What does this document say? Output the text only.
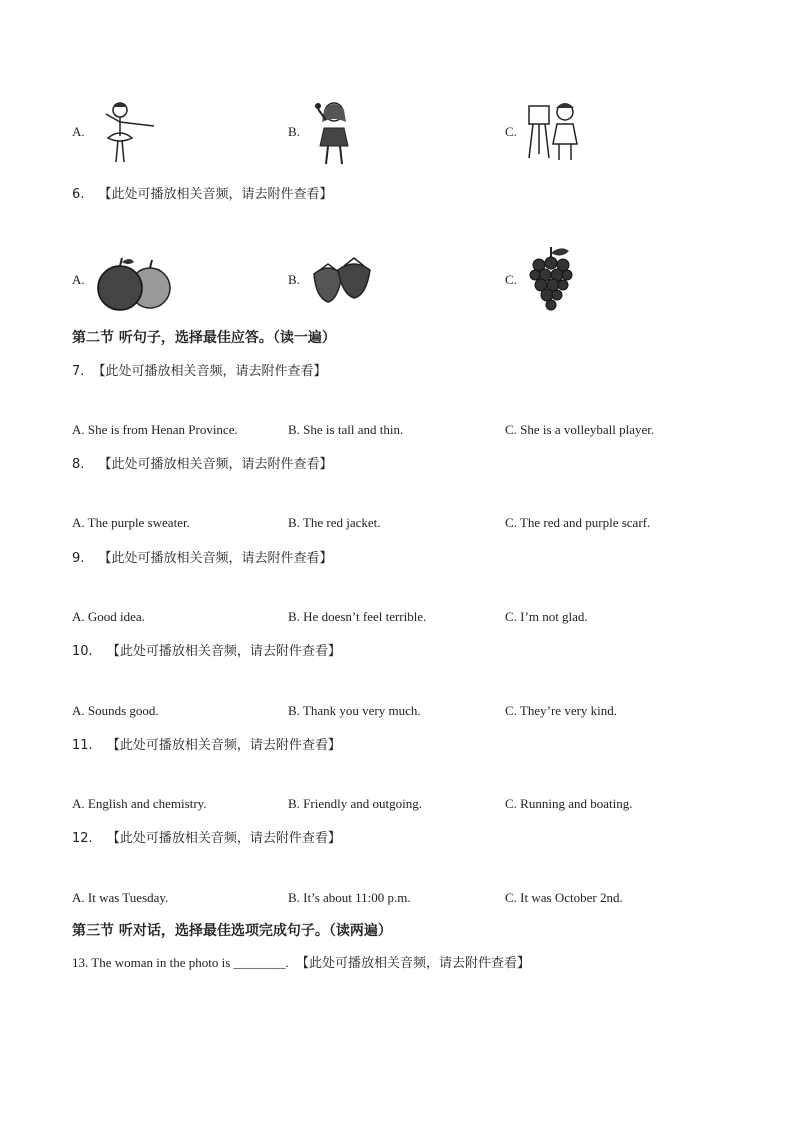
A.	B.	C.
6. 【此处可播放相关音频，请去附件查看】
A.	B.	C.
第二节 听句子，选择最佳应答。（读一遍）
7. 【此处可播放相关音频，请去附件查看】
A. She is from Henan Province.	B. She is tall and thin.	C. She is a volleyball player.
8. 【此处可播放相关音频，请去附件查看】
A. The purple sweater.	B. The red jacket.	C. The red and purple scarf.
9. 【此处可播放相关音频，请去附件查看】
A. Good idea.	B. He doesn’t feel terrible.	C. I’m not glad.
10. 【此处可播放相关音频，请去附件查看】
A. Sounds good.	B. Thank you very much.	C. They’re very kind.
11. 【此处可播放相关音频，请去附件查看】
A. English and chemistry.	B. Friendly and outgoing.	C. Running and boating.
12. 【此处可播放相关音频，请去附件查看】
A. It was Tuesday.	B. It’s about 11:00 p.m.	C. It was October 2nd.
第三节 听对话，选择最佳选项完成句子。（读两遍）
13. The woman in the photo is ________. 【此处可播放相关音频，请去附件查看】
